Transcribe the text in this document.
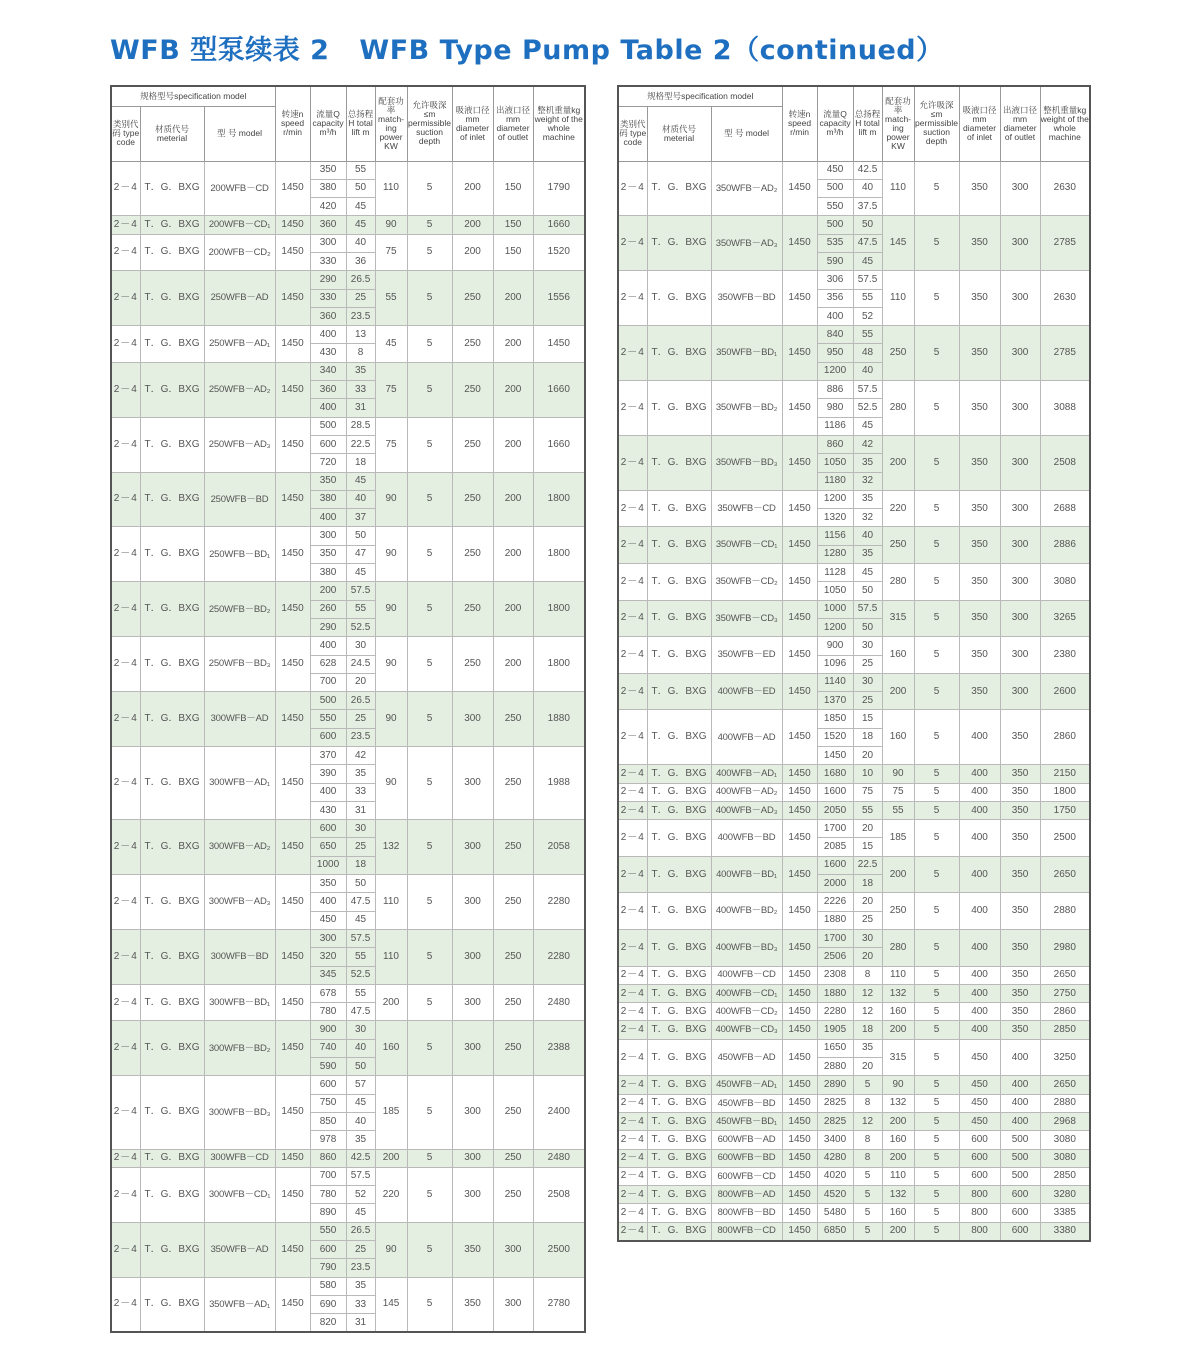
WFB 型泵续表 2 WFB Type Pump Table 2（continued）
规格型号specification model			转速n speed r/min	流量Q capacity m³/h	总扬程 H total lift m	配套功率 match-ing power KW	允许吸深 ≤m permissible suction depth	吸液口径 mm diameter of inlet	出液口径 mm diameter of outlet	整机重量kg weight of the whole machine
类别代码 type code	材质代号 meterial	型 号 model								
2－4	T．G．BXG	200WFB－CD	1450	350	55	110	5	200	150	1790
				380	50					
				420	45					
2－4	T．G．BXG	200WFB－CD₁	1450	360	45	90	5	200	150	1660
2－4	T．G．BXG	200WFB－CD₂	1450	300	40	75	5	200	150	1520
				330	36					
2－4	T．G．BXG	250WFB－AD	1450	290	26.5	55	5	250	200	1556
				330	25					
				360	23.5					
2－4	T．G．BXG	250WFB－AD₁	1450	400	13	45	5	250	200	1450
				430	8					
2－4	T．G．BXG	250WFB－AD₂	1450	340	35	75	5	250	200	1660
				360	33					
				400	31					
2－4	T．G．BXG	250WFB－AD₃	1450	500	28.5	75	5	250	200	1660
				600	22.5					
				720	18					
2－4	T．G．BXG	250WFB－BD	1450	350	45	90	5	250	200	1800
				380	40					
				400	37					
2－4	T．G．BXG	250WFB－BD₁	1450	300	50	90	5	250	200	1800
				350	47					
				380	45					
2－4	T．G．BXG	250WFB－BD₂	1450	200	57.5	90	5	250	200	1800
				260	55					
				290	52.5					
2－4	T．G．BXG	250WFB－BD₃	1450	400	30	90	5	250	200	1800
				628	24.5					
				700	20					
2－4	T．G．BXG	300WFB－AD	1450	500	26.5	90	5	300	250	1880
				550	25					
				600	23.5					
2－4	T．G．BXG	300WFB－AD₁	1450	370	42	90	5	300	250	1988
				390	35					
				400	33					
				430	31					
2－4	T．G．BXG	300WFB－AD₂	1450	600	30	132	5	300	250	2058
				650	25					
				1000	18					
2－4	T．G．BXG	300WFB－AD₃	1450	350	50	110	5	300	250	2280
				400	47.5					
				450	45					
2－4	T．G．BXG	300WFB－BD	1450	300	57.5	110	5	300	250	2280
				320	55					
				345	52.5					
2－4	T．G．BXG	300WFB－BD₁	1450	678	55	200	5	300	250	2480
				780	47.5					
2－4	T．G．BXG	300WFB－BD₂	1450	900	30	160	5	300	250	2388
				740	40					
				590	50					
2－4	T．G．BXG	300WFB－BD₃	1450	600	57	185	5	300	250	2400
				750	45					
				850	40					
				978	35					
2－4	T．G．BXG	300WFB－CD	1450	860	42.5	200	5	300	250	2480
2－4	T．G．BXG	300WFB－CD₁	1450	700	57.5	220	5	300	250	2508
				780	52					
				890	45					
2－4	T．G．BXG	350WFB－AD	1450	550	26.5	90	5	350	300	2500
				600	25					
				790	23.5					
2－4	T．G．BXG	350WFB－AD₁	1450	580	35	145	5	350	300	2780
				690	33					
				820	31					
规格型号specification model			转速n speed r/min	流量Q capacity m³/h	总扬程 H total lift m	配套功率 match-ing power KW	允许吸深 ≤m permissible suction depth	吸液口径 mm diameter of inlet	出液口径 mm diameter of outlet	整机重量kg weight of the whole machine
类别代码 type code	材质代号 meterial	型 号 model								
2－4	T．G．BXG	350WFB－AD₂	1450	450	42.5	110	5	350	300	2630
				500	40					
				550	37.5					
2－4	T．G．BXG	350WFB－AD₃	1450	500	50	145	5	350	300	2785
				535	47.5					
				590	45					
2－4	T．G．BXG	350WFB－BD	1450	306	57.5	110	5	350	300	2630
				356	55					
				400	52					
2－4	T．G．BXG	350WFB－BD₁	1450	840	55	250	5	350	300	2785
				950	48					
				1200	40					
2－4	T．G．BXG	350WFB－BD₂	1450	886	57.5	280	5	350	300	3088
				980	52.5					
				1186	45					
2－4	T．G．BXG	350WFB－BD₃	1450	860	42	200	5	350	300	2508
				1050	35					
				1180	32					
2－4	T．G．BXG	350WFB－CD	1450	1200	35	220	5	350	300	2688
				1320	32					
2－4	T．G．BXG	350WFB－CD₁	1450	1156	40	250	5	350	300	2886
				1280	35					
2－4	T．G．BXG	350WFB－CD₂	1450	1128	45	280	5	350	300	3080
				1050	50					
2－4	T．G．BXG	350WFB－CD₃	1450	1000	57.5	315	5	350	300	3265
				1200	50					
2－4	T．G．BXG	350WFB－ED	1450	900	30	160	5	350	300	2380
				1096	25					
2－4	T．G．BXG	400WFB－ED	1450	1140	30	200	5	350	300	2600
				1370	25					
2－4	T．G．BXG	400WFB－AD	1450	1850	15	160	5	400	350	2860
				1520	18					
				1450	20					
2－4	T．G．BXG	400WFB－AD₁	1450	1680	10	90	5	400	350	2150
2－4	T．G．BXG	400WFB－AD₂	1450	1600	75	75	5	400	350	1800
2－4	T．G．BXG	400WFB－AD₃	1450	2050	55	55	5	400	350	1750
2－4	T．G．BXG	400WFB－BD	1450	1700	20	185	5	400	350	2500
				2085	15					
2－4	T．G．BXG	400WFB－BD₁	1450	1600	22.5	200	5	400	350	2650
				2000	18					
2－4	T．G．BXG	400WFB－BD₂	1450	2226	20	250	5	400	350	2880
				1880	25					
2－4	T．G．BXG	400WFB－BD₃	1450	1700	30	280	5	400	350	2980
				2506	20					
2－4	T．G．BXG	400WFB－CD	1450	2308	8	110	5	400	350	2650
2－4	T．G．BXG	400WFB－CD₁	1450	1880	12	132	5	400	350	2750
2－4	T．G．BXG	400WFB－CD₂	1450	2280	12	160	5	400	350	2860
2－4	T．G．BXG	400WFB－CD₃	1450	1905	18	200	5	400	350	2850
2－4	T．G．BXG	450WFB－AD	1450	1650	35	315	5	450	400	3250
				2880	20					
2－4	T．G．BXG	450WFB－AD₁	1450	2890	5	90	5	450	400	2650
2－4	T．G．BXG	450WFB－BD	1450	2825	8	132	5	450	400	2880
2－4	T．G．BXG	450WFB－BD₁	1450	2825	12	200	5	450	400	2968
2－4	T．G．BXG	600WFB－AD	1450	3400	8	160	5	600	500	3080
2－4	T．G．BXG	600WFB－BD	1450	4280	8	200	5	600	500	3080
2－4	T．G．BXG	600WFB－CD	1450	4020	5	110	5	600	500	2850
2－4	T．G．BXG	800WFB－AD	1450	4520	5	132	5	800	600	3280
2－4	T．G．BXG	800WFB－BD	1450	5480	5	160	5	800	600	3385
2－4	T．G．BXG	800WFB－CD	1450	6850	5	200	5	800	600	3380
